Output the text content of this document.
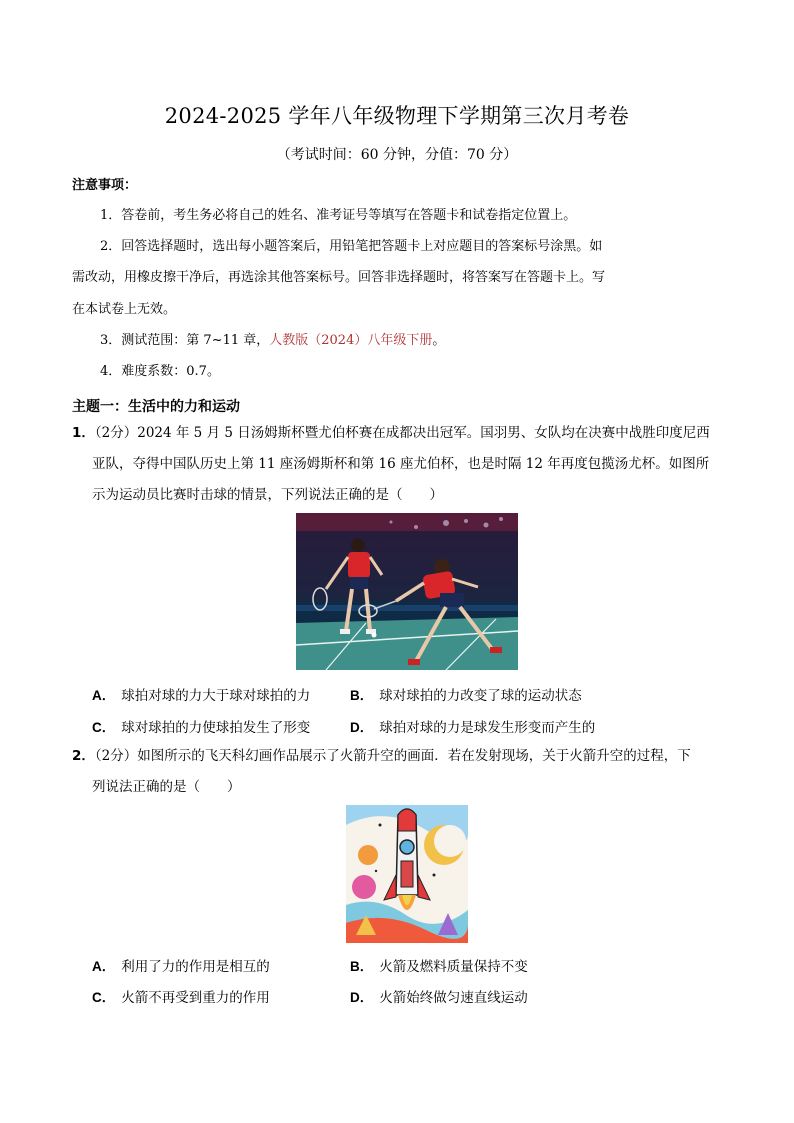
2024-2025 学年八年级物理下学期第三次月考卷
（考试时间：60 分钟，分值：70 分）
注意事项：
1．答卷前，考生务必将自己的姓名、准考证号等填写在答题卡和试卷指定位置上。
2．回答选择题时，选出每小题答案后，用铅笔把答题卡上对应题目的答案标号涂黑。如
需改动，用橡皮擦干净后，再选涂其他答案标号。回答非选择题时，将答案写在答题卡上。写
在本试卷上无效。
3．测试范围：第 7~11 章，人教版（2024）八年级下册。
4．难度系数：0.7。
主题一：生活中的力和运动
1．（2分）2024 年 5 月 5 日汤姆斯杯暨尤伯杯赛在成都决出冠军。国羽男、女队均在决赛中战胜印度尼西
亚队，夺得中国队历史上第 11 座汤姆斯杯和第 16 座尤伯杯，也是时隔 12 年再度包揽汤尤杯。如图所
示为运动员比赛时击球的情景，下列说法正确的是（　　）
A． 球拍对球的力大于球对球拍的力	B． 球对球拍的力改变了球的运动状态
C． 球对球拍的力使球拍发生了形变	D． 球拍对球的力是球发生形变而产生的
2．（2分）如图所示的飞天科幻画作品展示了火箭升空的画面．若在发射现场，关于火箭升空的过程，下
列说法正确的是（　　）
A． 利用了力的作用是相互的	B． 火箭及燃料质量保持不变
C． 火箭不再受到重力的作用	D． 火箭始终做匀速直线运动
